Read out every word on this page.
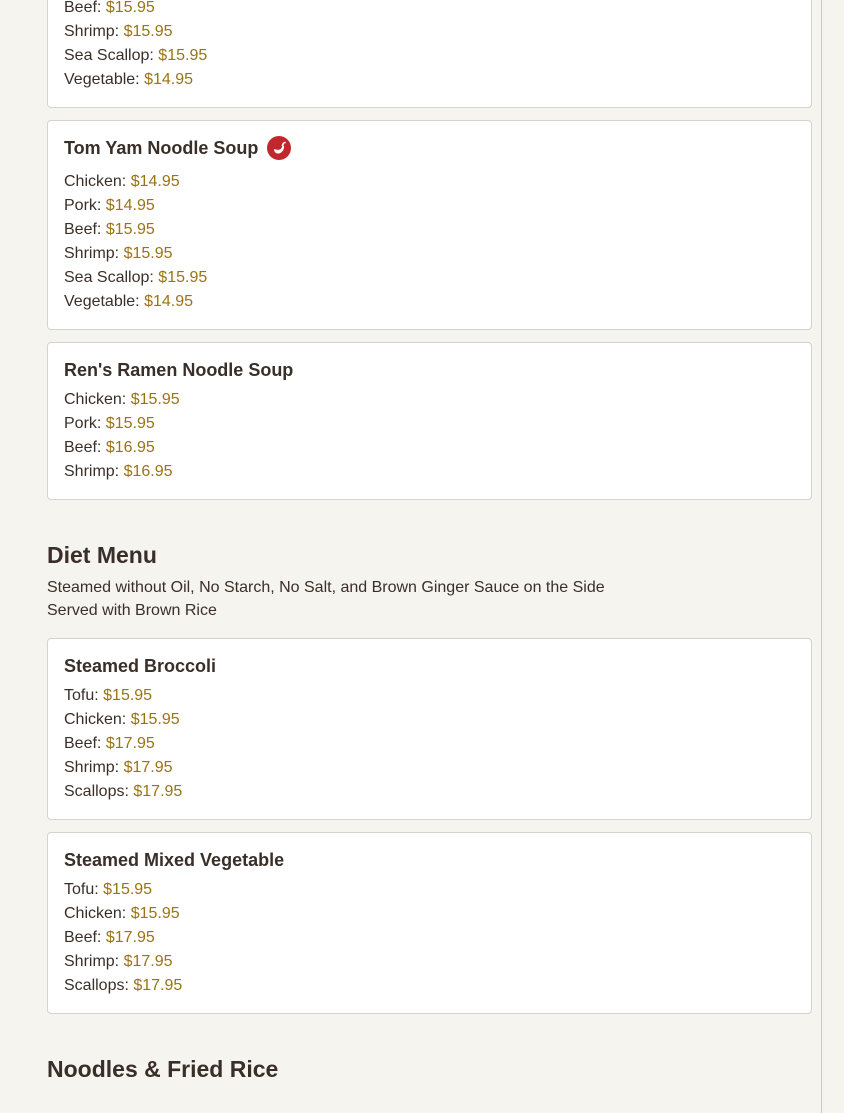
Beef: $15.95

Shrimp: $15.95

Sea Scallop: $15.95

Vegetable: $14.95

Tom Yam Noodle Soup

Chicken: $14.95

Pork: $14.95

Beef: $15.95

Shrimp: $15.95

Sea Scallop: $15.95

Vegetable: $14.95

Ren's Ramen Noodle Soup

Chicken: $15.95

Pork: $15.95

Beef: $16.95

Shrimp: $16.95

Diet Menu
Steamed without Oil, No Starch, No Salt, and Brown Ginger Sauce on the Side
Served with Brown Rice
Steamed Broccoli

Tofu: $15.95

Chicken: $15.95

Beef: $17.95

Shrimp: $17.95

Scallops: $17.95

Steamed Mixed Vegetable

Tofu: $15.95

Chicken: $15.95

Beef: $17.95

Shrimp: $17.95

Scallops: $17.95

Noodles & Fried Rice
